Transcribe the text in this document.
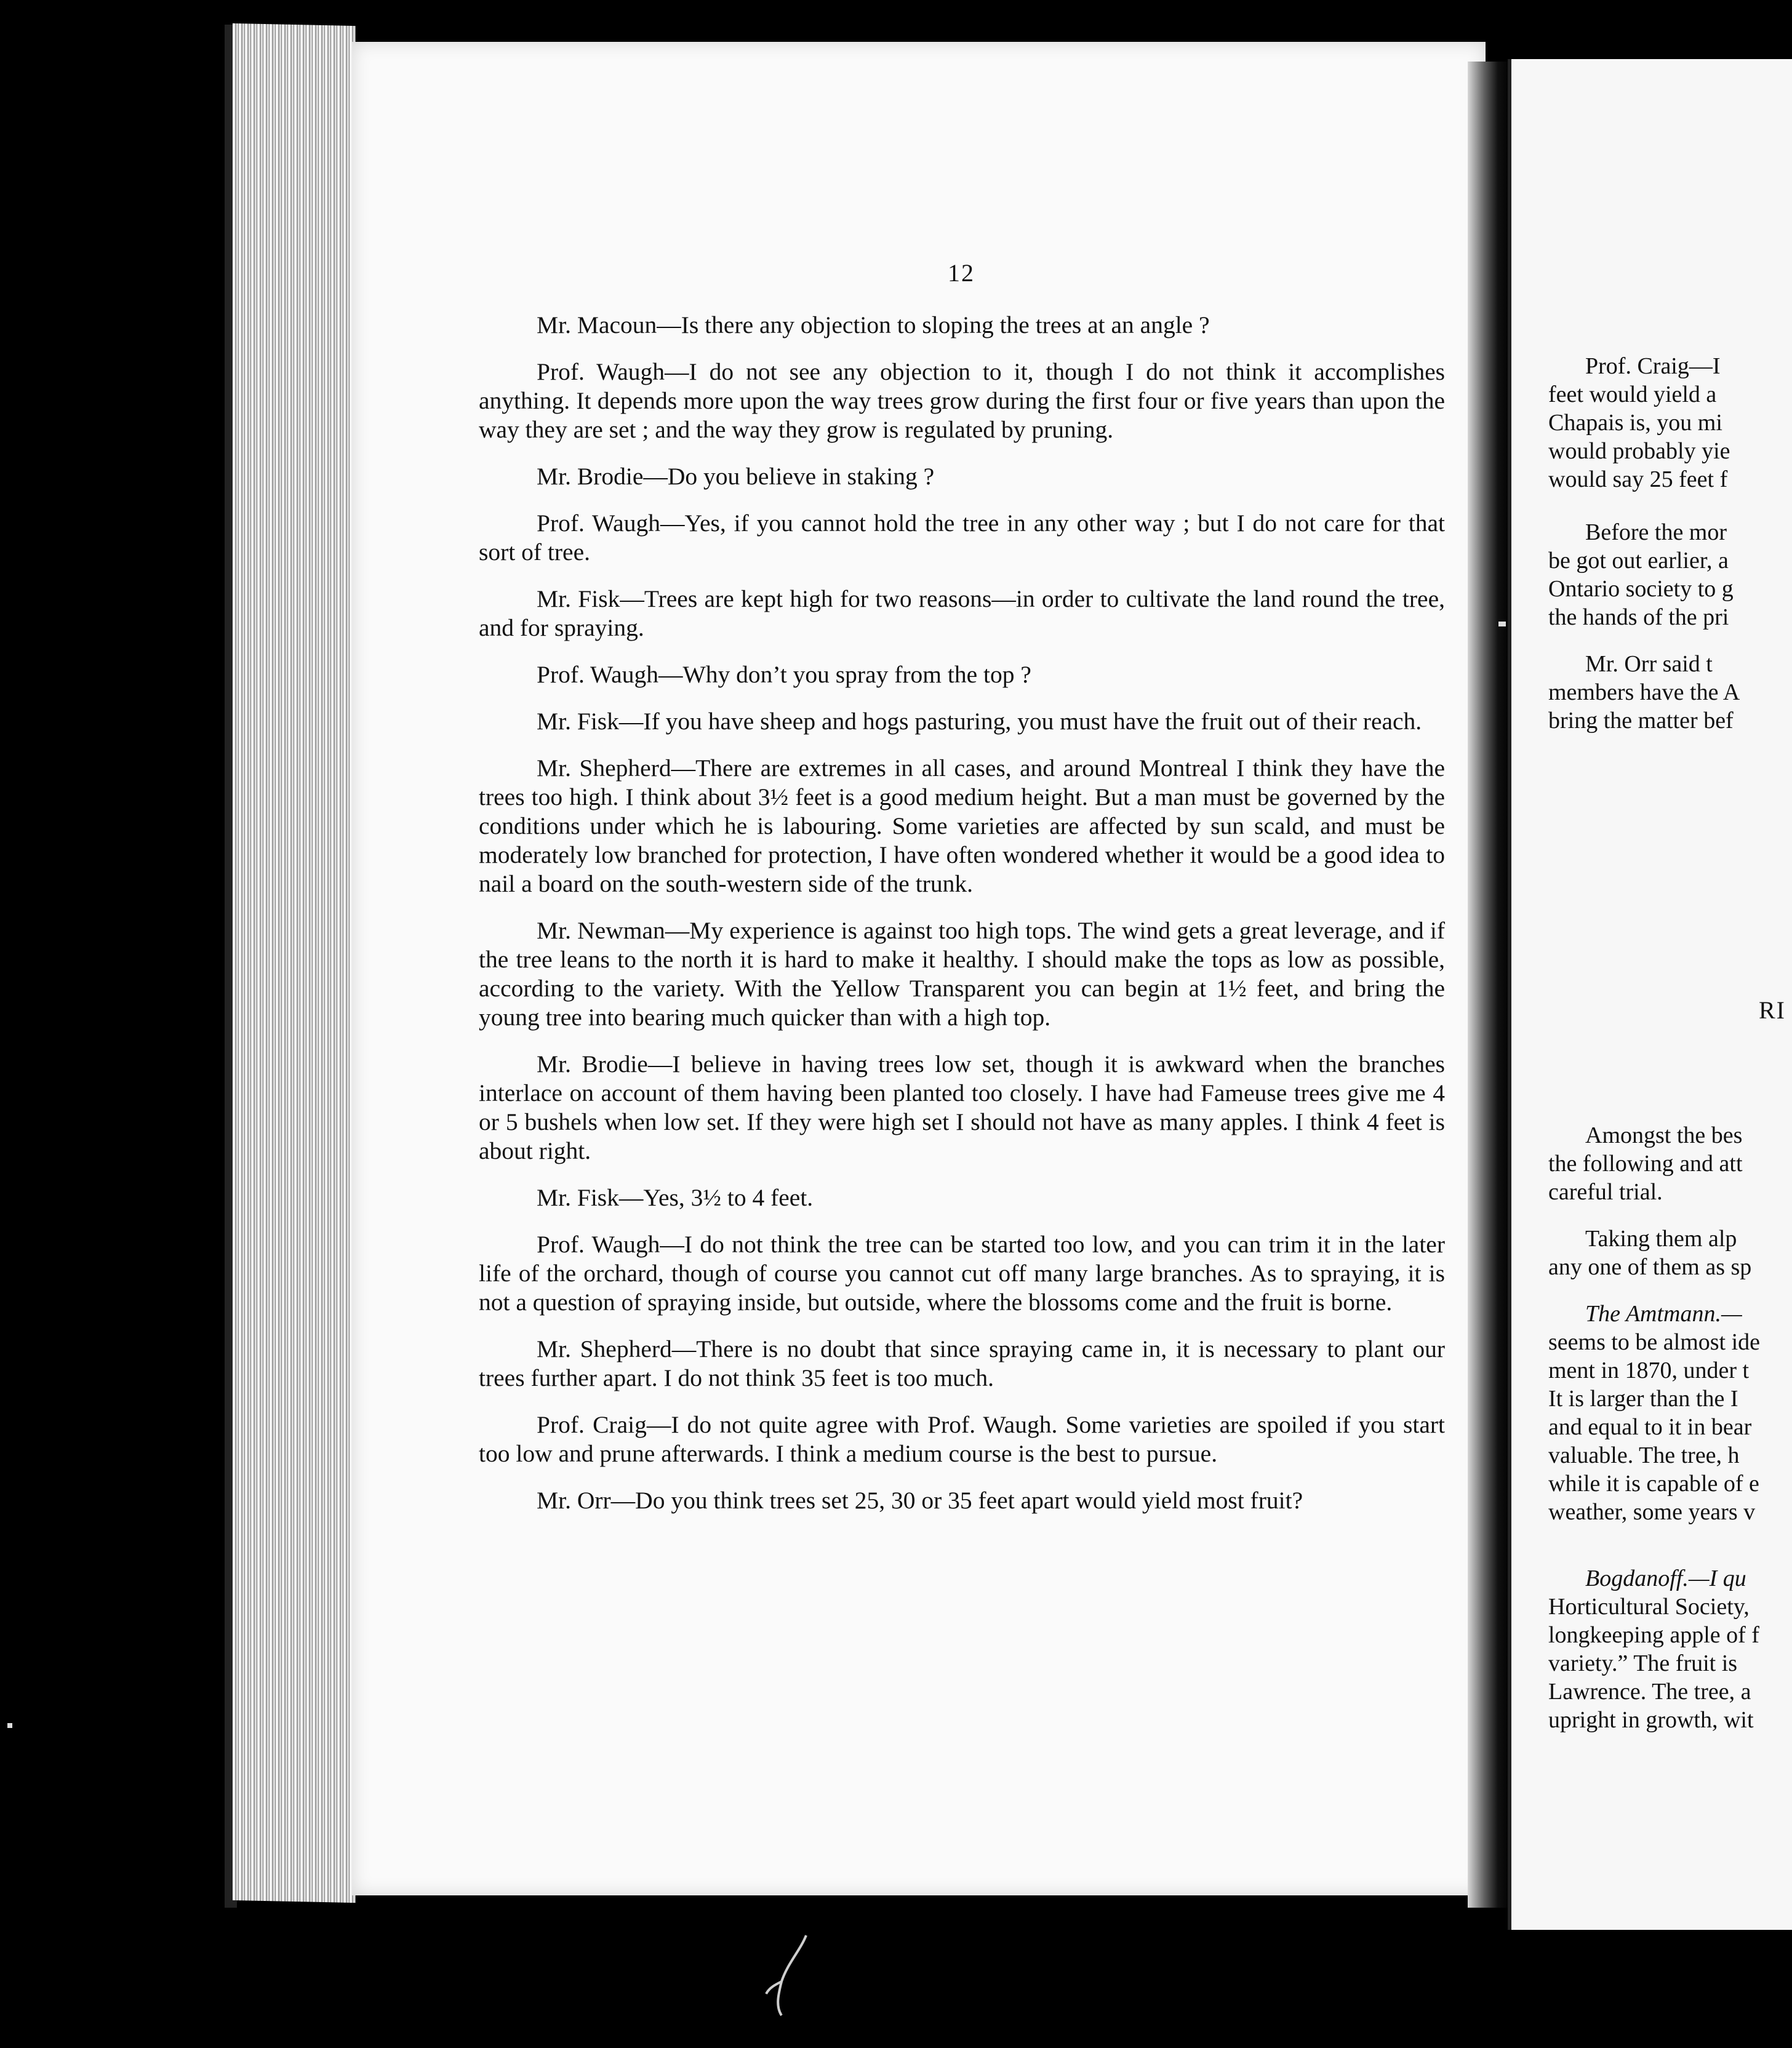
12

Mr. Macoun—Is there any objection to sloping the trees at an angle ?

Prof. Waugh—I do not see any objection to it, though I do not think it accomplishes anything. It depends more upon the way trees grow during the first four or five years than upon the way they are set ; and the way they grow is regulated by pruning.

Mr. Brodie—Do you believe in staking ?

Prof. Waugh—Yes, if you cannot hold the tree in any other way ; but I do not care for that sort of tree.

Mr. Fisk—Trees are kept high for two reasons—in order to cultivate the land round the tree, and for spraying.

Prof. Waugh—Why don’t you spray from the top ?

Mr. Fisk—If you have sheep and hogs pasturing, you must have the fruit out of their reach.

Mr. Shepherd—There are extremes in all cases, and around Montreal I think they have the trees too high. I think about 3½ feet is a good medium height. But a man must be governed by the conditions under which he is labouring. Some varieties are affected by sun scald, and must be moderately low branched for protection, I have often wondered whether it would be a good idea to nail a board on the south-western side of the trunk.

Mr. Newman—My experience is against too high tops. The wind gets a great leverage, and if the tree leans to the north it is hard to make it healthy. I should make the tops as low as possible, according to the variety. With the Yellow Transparent you can begin at 1½ feet, and bring the young tree into bearing much quicker than with a high top.

Mr. Brodie—I believe in having trees low set, though it is awkward when the branches interlace on account of them having been planted too closely. I have had Fameuse trees give me 4 or 5 bushels when low set. If they were high set I should not have as many apples. I think 4 feet is about right.

Mr. Fisk—Yes, 3½ to 4 feet.

Prof. Waugh—I do not think the tree can be started too low, and you can trim it in the later life of the orchard, though of course you cannot cut off many large branches. As to spraying, it is not a question of spraying inside, but outside, where the blossoms come and the fruit is borne.

Mr. Shepherd—There is no doubt that since spraying came in, it is necessary to plant our trees further apart. I do not think 35 feet is too much.

Prof. Craig—I do not quite agree with Prof. Waugh. Some varieties are spoiled if you start too low and prune afterwards. I think a medium course is the best to pursue.

Mr. Orr—Do you think trees set 25, 30 or 35 feet apart would yield most fruit?

Prof. Craig—I
feet would yield a
Chapais is, you mi
would probably yie
would say 25 feet f
Before the mor
be got out earlier, a
Ontario society to g
the hands of the pri
Mr. Orr said t
members have the A
bring the matter bef
RI
Amongst the bes
the following and att
careful trial.
Taking them alp
any one of them as sp
The Amtmann.—
seems to be almost ide
ment in 1870, under t
It is larger than the I
and equal to it in bear
valuable. The tree, h
while it is capable of e
weather, some years v
Bogdanoff.—I qu
Horticultural Society,
longkeeping apple of f
variety.” The fruit is
Lawrence. The tree, a
upright in growth, wit
